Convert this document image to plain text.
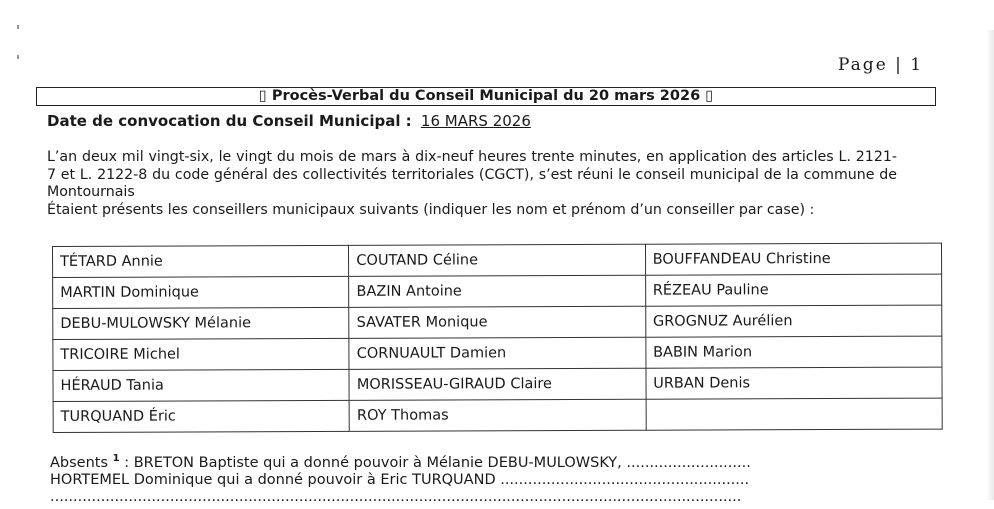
Page | 1
▯ Procès-Verbal du Conseil Municipal du 20 mars 2026 ▯
Date de convocation du Conseil Municipal : 16 MARS 2026

L’an deux mil vingt-six, le vingt du mois de mars à dix-neuf heures trente minutes, en application des articles L. 2121-7 et L. 2122-8 du code général des collectivités territoriales (CGCT), s’est réuni le conseil municipal de la commune de Montournais

Étaient présents les conseillers municipaux suivants (indiquer les nom et prénom d’un conseiller par case) :

TÉTARD Annie	COUTAND Céline	BOUFFANDEAU Christine
MARTIN Dominique	BAZIN Antoine	RÉZEAU Pauline
DEBU-MULOWSKY Mélanie	SAVATER Monique	GROGNUZ Aurélien
TRICOIRE Michel	CORNUAULT Damien	BABIN Marion
HÉRAUD Tania	MORISSEAU-GIRAUD Claire	URBAN Denis
TURQUAND Éric	ROY Thomas	
Absents $^1$ : BRETON Baptiste qui a donné pouvoir à Mélanie DEBU-MULOWSKY, ...........................
HORTEMEL Dominique qui a donné pouvoir à Eric TURQUAND ......................................................
......................................................................................................................................................
